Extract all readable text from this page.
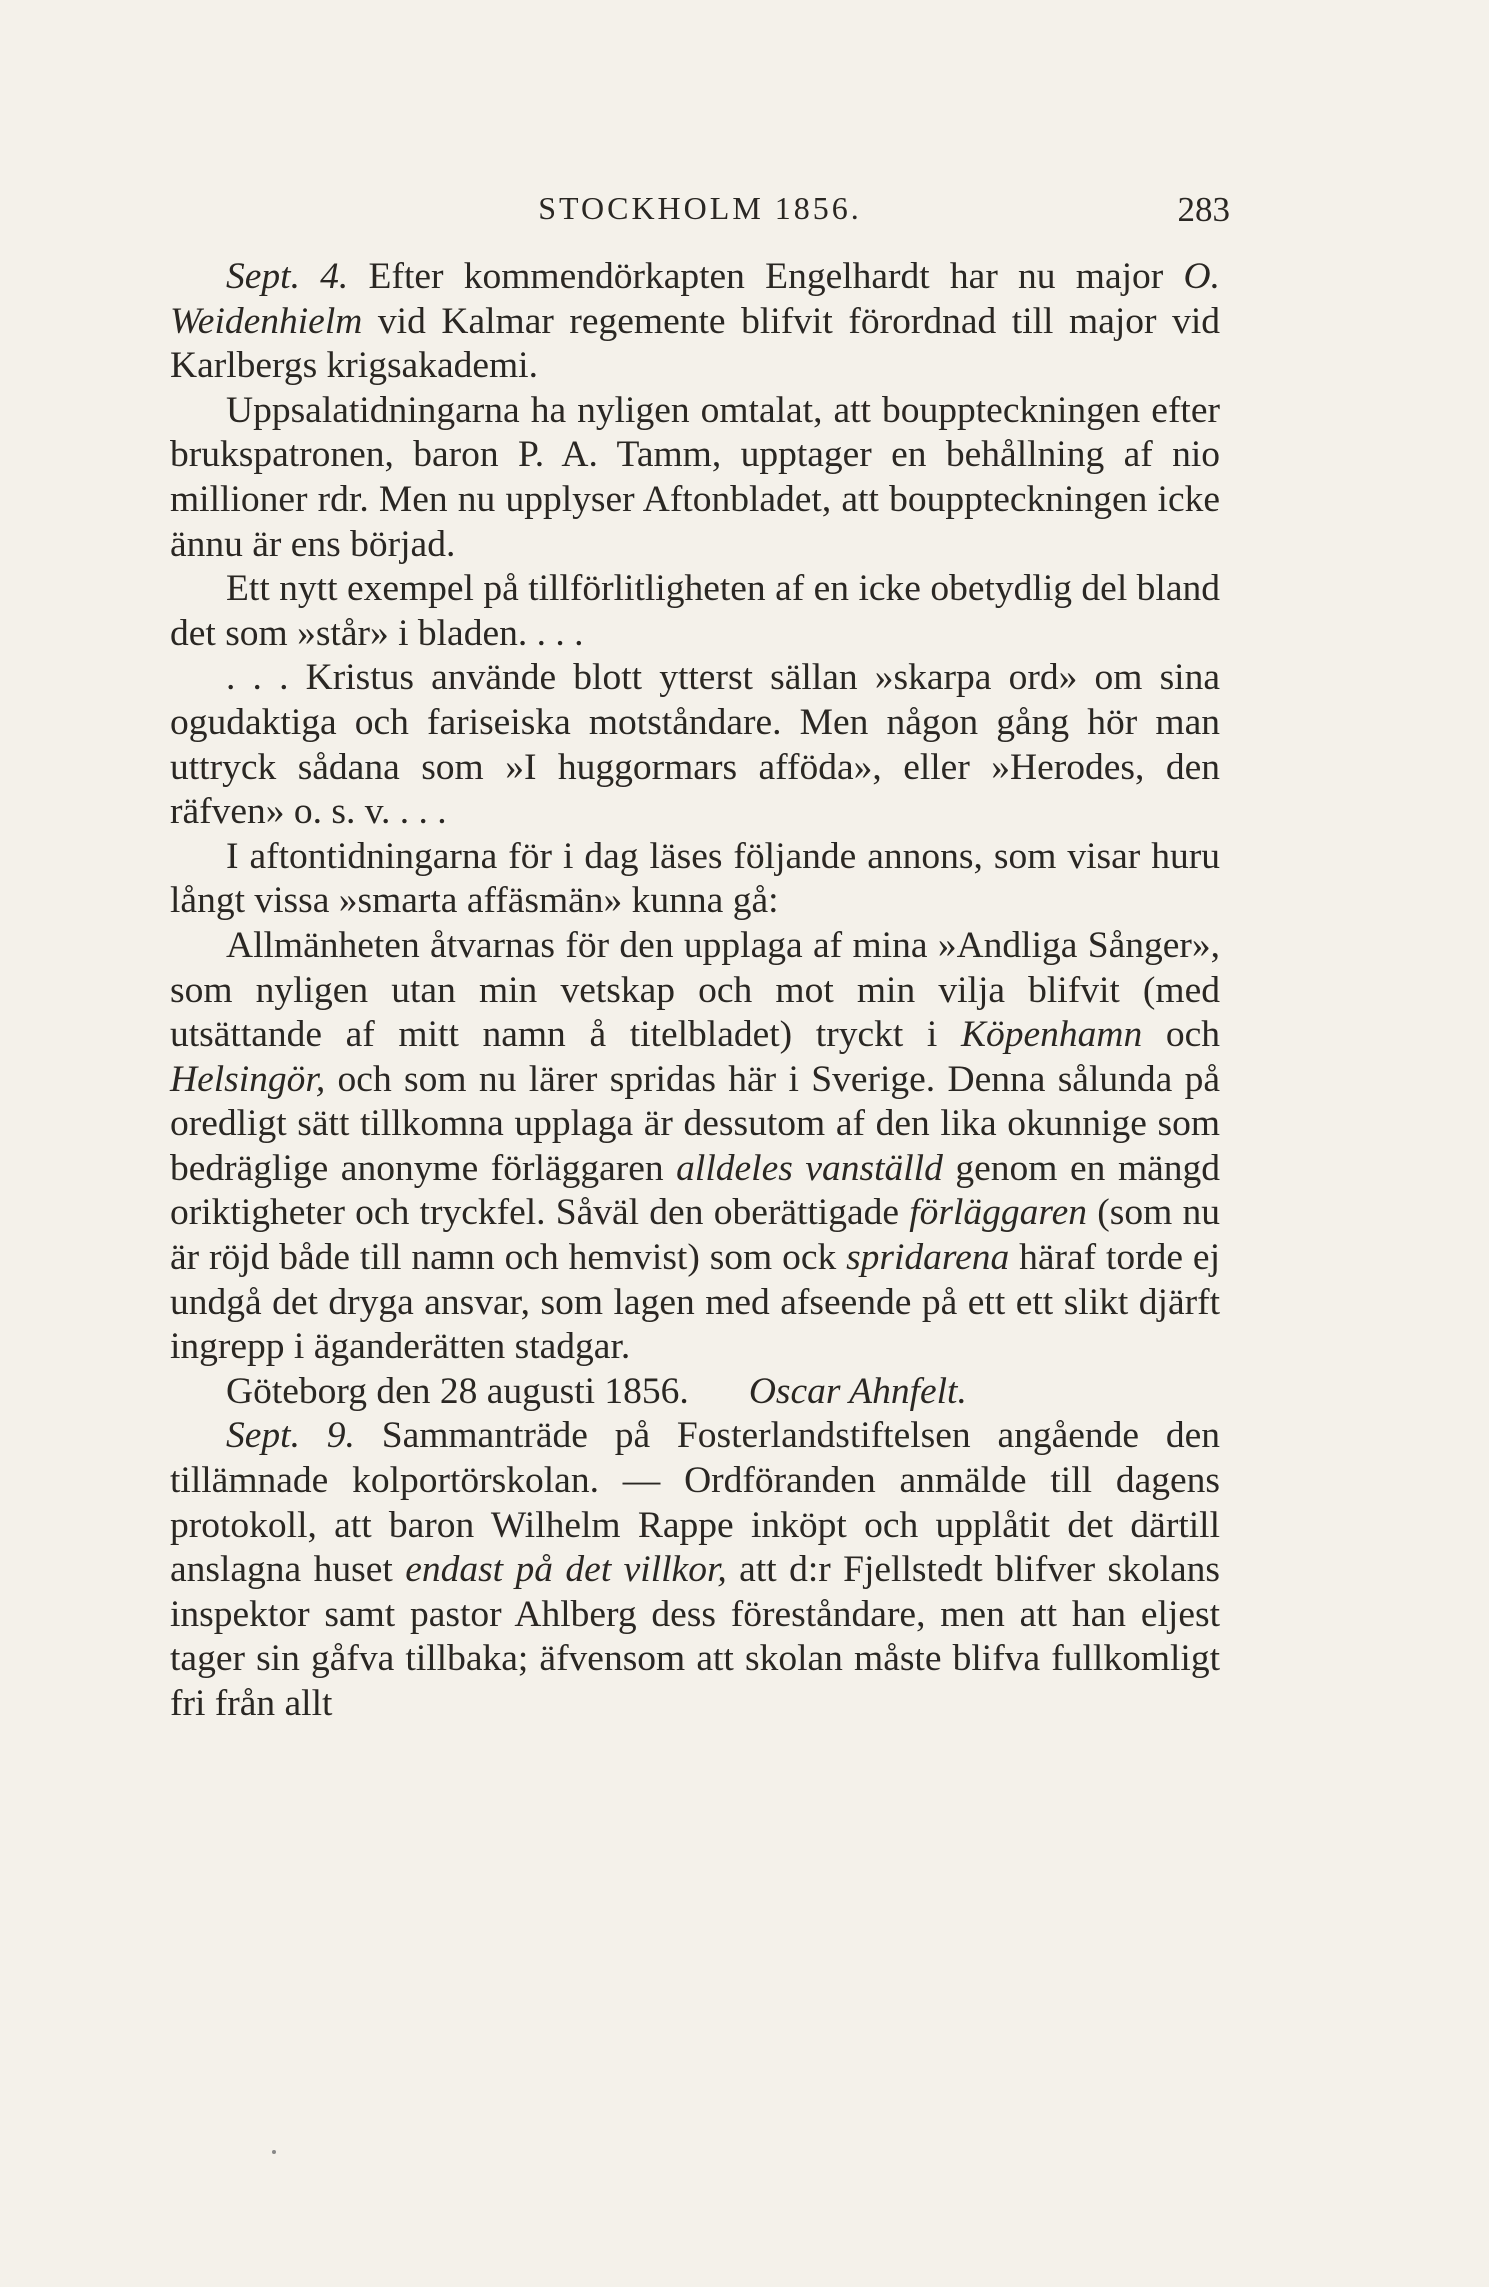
STOCKHOLM 1856.	283

Sept. 4. Efter kommendörkapten Engelhardt har nu major O. Weidenhielm vid Kalmar regemente blifvit förordnad till major vid Karlbergs krigsakademi.

Uppsalatidningarna ha nyligen omtalat, att bouppteckningen efter brukspatronen, baron P. A. Tamm, upptager en behållning af nio millioner rdr. Men nu upplyser Aftonbladet, att bouppteckningen icke ännu är ens börjad.

Ett nytt exempel på tillförlitligheten af en icke obetydlig del bland det som »står» i bladen. . . .

. . . Kristus använde blott ytterst sällan »skarpa ord» om sina ogudaktiga och fariseiska motståndare. Men någon gång hör man uttryck sådana som »I huggormars afföda», eller »Herodes, den räfven» o. s. v. . . .

I aftontidningarna för i dag läses följande annons, som visar huru långt vissa »smarta affäsmän» kunna gå:

Allmänheten åtvarnas för den upplaga af mina »Andliga Sånger», som nyligen utan min vetskap och mot min vilja blifvit (med utsättande af mitt namn å titelbladet) tryckt i Köpenhamn och Helsingör, och som nu lärer spridas här i Sverige. Denna sålunda på oredligt sätt tillkomna upplaga är dessutom af den lika okunnige som bedräglige anonyme förläggaren alldeles vanställd genom en mängd oriktigheter och tryckfel. Såväl den oberättigade förläggaren (som nu är röjd både till namn och hemvist) som ock spridarena häraf torde ej undgå det dryga ansvar, som lagen med afseende på ett ett slikt djärft ingrepp i äganderätten stadgar.

Göteborg den 28 augusti 1856. Oscar Ahnfelt.

Sept. 9. Sammanträde på Fosterlandstiftelsen angående den tillämnade kolportörskolan. — Ordföranden anmälde till dagens protokoll, att baron Wilhelm Rappe inköpt och upplåtit det därtill anslagna huset endast på det villkor, att d:r Fjellstedt blifver skolans inspektor samt pastor Ahlberg dess föreståndare, men att han eljest tager sin gåfva tillbaka; äfvensom att skolan måste blifva fullkomligt fri från allt
